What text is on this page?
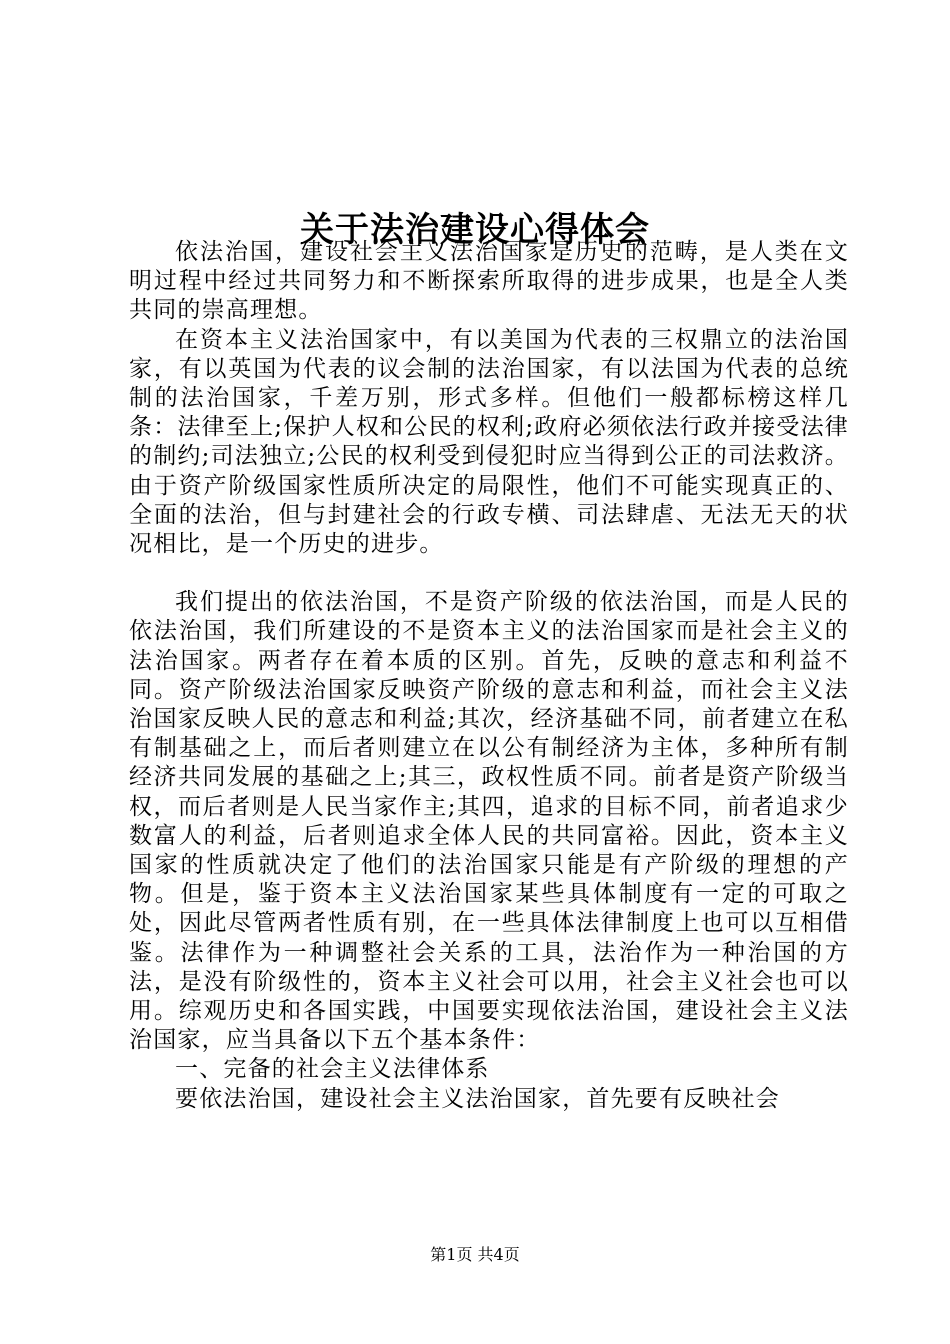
关于法治建设心得体会

依法治国，建设社会主义法治国家是历史的范畴，是人类在文明过程中经过共同努力和不断探索所取得的进步成果，也是全人类共同的崇高理想。

在资本主义法治国家中，有以美国为代表的三权鼎立的法治国家，有以英国为代表的议会制的法治国家，有以法国为代表的总统制的法治国家，千差万别，形式多样。但他们一般都标榜这样几条：法律至上;保护人权和公民的权利;政府必须依法行政并接受法律的制约;司法独立;公民的权利受到侵犯时应当得到公正的司法救济。由于资产阶级国家性质所决定的局限性，他们不可能实现真正的、全面的法治，但与封建社会的行政专横、司法肆虐、无法无天的状况相比，是一个历史的进步。

我们提出的依法治国，不是资产阶级的依法治国，而是人民的依法治国，我们所建设的不是资本主义的法治国家而是社会主义的法治国家。两者存在着本质的区别。首先，反映的意志和利益不同。资产阶级法治国家反映资产阶级的意志和利益，而社会主义法治国家反映人民的意志和利益;其次，经济基础不同，前者建立在私有制基础之上，而后者则建立在以公有制经济为主体，多种所有制经济共同发展的基础之上;其三，政权性质不同。前者是资产阶级当权，而后者则是人民当家作主;其四，追求的目标不同，前者追求少数富人的利益，后者则追求全体人民的共同富裕。因此，资本主义国家的性质就决定了他们的法治国家只能是有产阶级的理想的产物。但是，鉴于资本主义法治国家某些具体制度有一定的可取之处，因此尽管两者性质有别，在一些具体法律制度上也可以互相借鉴。法律作为一种调整社会关系的工具，法治作为一种治国的方法，是没有阶级性的，资本主义社会可以用，社会主义社会也可以用。综观历史和各国实践，中国要实现依法治国，建设社会主义法治国家，应当具备以下五个基本条件：

一、完备的社会主义法律体系

要依法治国，建设社会主义法治国家，首先要有反映社会

第1页 共4页
